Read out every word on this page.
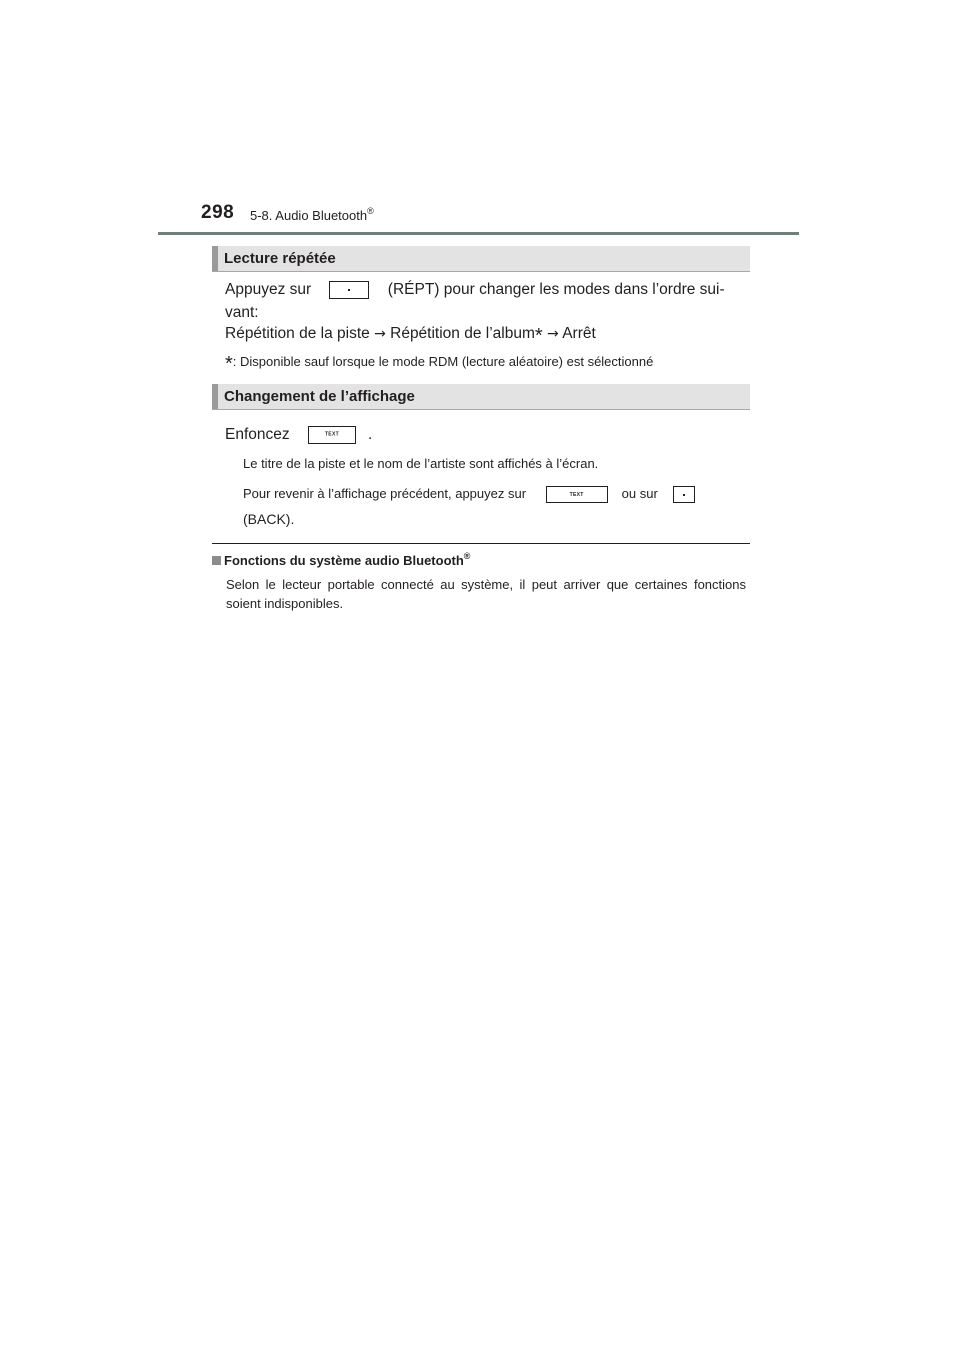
298 5-8. Audio Bluetooth®
Lecture répétée
Appuyez sur	(RÉPT) pour changer les modes dans l’ordre sui-
vant:
Répétition de la piste → Répétition de l’album* → Arrêt
*: Disponible sauf lorsque le mode RDM (lecture aléatoire) est sélectionné
Changement de l’affichage
Enfoncez	TEXT	.
Le titre de la piste et le nom de l’artiste sont affichés à l’écran.
Pour revenir à l’affichage précédent, appuyez sur	TEXT	ou sur
(BACK).
Fonctions du système audio Bluetooth®
Selon le lecteur portable connecté au système, il peut arriver que certaines fonctions soient indisponibles.
